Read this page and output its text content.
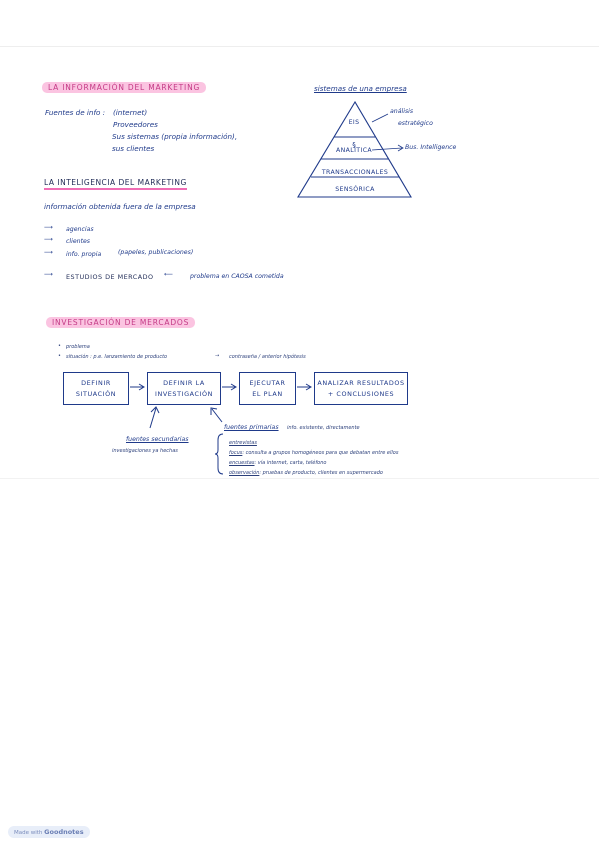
LA INFORMACIÓN DEL MARKETING
Fuentes de info : (internet)
Proveedores
Sus sistemas (propia información),
sus clientes
sistemas de una empresa
§
EIS
ANALÍTICA
TRANSACCIONALES
SENSÓRICA
análisis
estratégico
Bus. Intelligence
LA INTELIGENCIA DEL MARKETING
información obtenida fuera de la empresa
⟶ agencias
⟶ clientes
⟶ info. propia	(papeles, publicaciones)
⟶ ESTUDIOS DE MERCADO ⟵	problema en CAOSA cometida
INVESTIGACIÓN DE MERCADOS
• problema
• situación : p.e. lanzamiento de producto	→ contraseña / anterior hipótesis
DEFINIR
SITUACIÓN
DEFINIR LA
INVESTIGACIÓN
EJECUTAR
EL PLAN
ANALIZAR RESULTADOS
+ CONCLUSIONES
fuentes secundarias
investigaciones ya hechas
fuentes primarias info. existente, directamente
entrevistas
focus: consulta a grupos homogéneos para que debatan entre ellos
encuestas: vía internet, carta, teléfono
observación: pruebas de producto, clientes en supermercado
Made with Goodnotes
